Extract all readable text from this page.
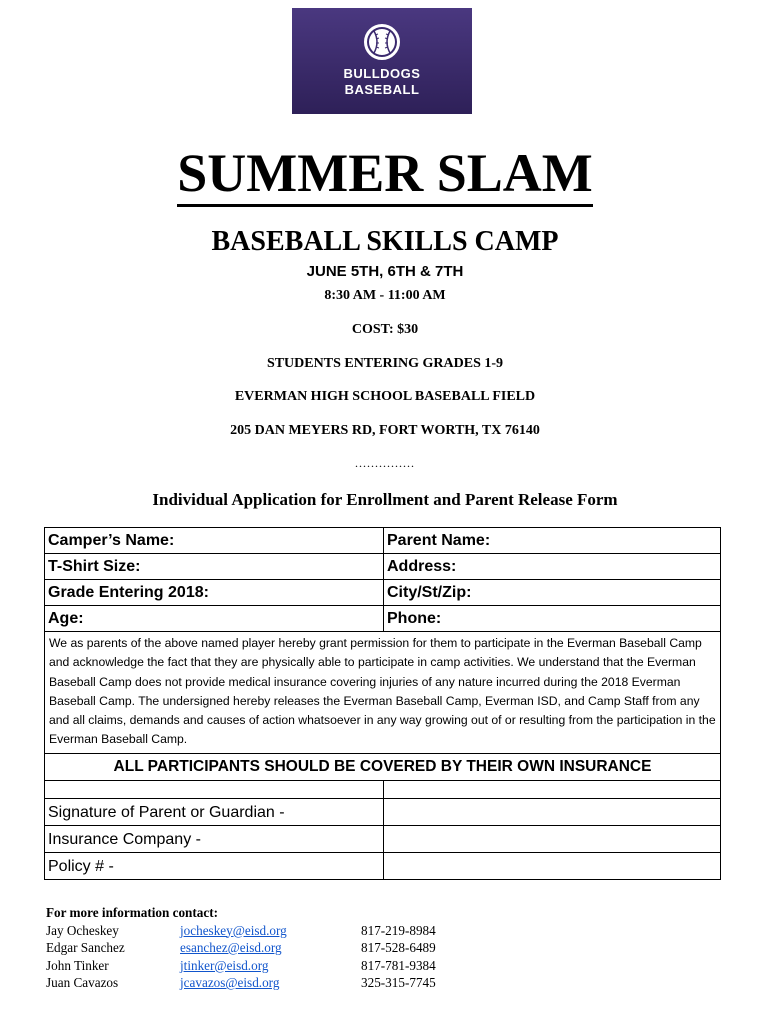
BULLDOGS
BASEBALL
SUMMER SLAM
BASEBALL SKILLS CAMP
JUNE 5TH, 6TH & 7TH
8:30 AM - 11:00 AM
COST: $30
STUDENTS ENTERING GRADES 1-9
EVERMAN HIGH SCHOOL BASEBALL FIELD
205 DAN MEYERS RD, FORT WORTH, TX 76140
...............
Individual Application for Enrollment and Parent Release Form
Camper’s Name:	Parent Name:
T-Shirt Size:	Address:
Grade Entering 2018:	City/St/Zip:
Age:	Phone:
We as parents of the above named player hereby grant permission for them to participate in the Everman Baseball Camp and acknowledge the fact that they are physically able to participate in camp activities. We understand that the Everman Baseball Camp does not provide medical insurance covering injuries of any nature incurred during the 2018 Everman Baseball Camp. The undersigned hereby releases the Everman Baseball Camp, Everman ISD, and Camp Staff from any and all claims, demands and causes of action whatsoever in any way growing out of or resulting from the participation in the Everman Baseball Camp.
ALL PARTICIPANTS SHOULD BE COVERED BY THEIR OWN INSURANCE
Signature of Parent or Guardian -
Insurance Company -
Policy # -
For more information contact:
Jay Ocheskey	jocheskey@eisd.org	817-219-8984
Edgar Sanchez	esanchez@eisd.org	817-528-6489
John Tinker	jtinker@eisd.org	817-781-9384
Juan Cavazos	jcavazos@eisd.org	325-315-7745
